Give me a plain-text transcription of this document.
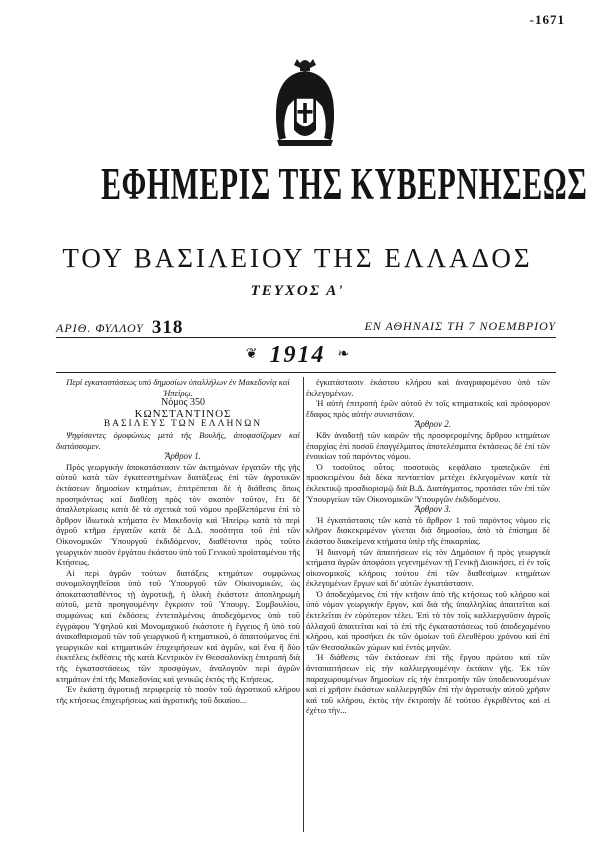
-1671
ΕΦΗΜΕΡΙΣ ΤΗΣ ΚΥΒΕΡΝΗΣΕΩΣ
ΤΟΥ ΒΑΣΙΛΕΙΟΥ ΤΗΣ ΕΛΛΑΔΟΣ
ΤΕΥΧΟΣ Α'
ΑΡΙΘ. ΦΥΛΛΟΥ 318	ΕΝ ΑΘΗΝΑΙΣ ΤΗ 7 ΝΟΕΜΒΡΙΟΥ
❦ 1914 ❧

Περί εγκαταστάσεως υπό δημοσίων ὑπαλλήλων ἐν Μακεδονίᾳ καὶ Ἠπείρῳ.

Νόμος 350

ΚΩΝΣΤΑΝΤΙΝΟΣ

ΒΑΣΙΛΕΥΣ ΤΩΝ ΕΛΛΗΝΩΝ

Ψηφίσαντες ὁμοφώνως μετὰ τῆς Βουλῆς, ἀποφασίζομεν καὶ διατάσσομεν.

Ἄρθρον 1.

Πρὸς γεωργικὴν ἀποκατάστασιν τῶν ἀκτημόνων ἐργατῶν τῆς γῆς αὐτοῦ κατὰ τῶν ἐγκατεστημένων διατάξεως ἐπὶ τῶν ἀγροτικῶν ἐκτάσεων δημοσίων κτημάτων, ἐπιτρέπεται δὲ ἡ διάθεσις ὅπως προσηκόντως καὶ διαθέσῃ πρὸς τὸν σκοπὸν τοῦτον, ἔτι δὲ ἀπαλλοτρίωσις κατὰ δὲ τὰ σχετικὰ τοῦ νόμου προβλεπόμενα ἐπὶ τὸ ἄρθρον ἰδιωτικὰ κτήματα ἐν Μακεδονίᾳ καὶ Ἠπείρῳ κατὰ τὰ περὶ ἀγροῦ κτῆμα ἐργατῶν κατὰ δὲ Δ.Δ. ποσότητα τοῦ ἐπὶ τῶν Οἰκονομικῶν Ὑπουργοῦ ἐκδιδόμενον, διαθέτοντα πρὸς τοῦτο γεωργικὸν ποσὸν ἐργάτου ἐκάστου ὑπὸ τοῦ Γενικοῦ προϊσταμένου τῆς Κτήσεως.

Αἱ περὶ ἀγρῶν τούτων διατάξεις κτημάτων συμφώνως συνομολογηθεῖσαι ὑπὸ τοῦ Ὑπουργοῦ τῶν Οἰκονομικῶν, ὡς ἀποκατασταθέντος τῇ ἀγροτικῇ, ἡ ὁλικὴ ἐκάστοτε ἀποπληρωμὴ αὐτοῦ, μετὰ προηγουμένην ἔγκρισιν τοῦ Ὑπουργ. Συμβουλίου, συμφώνως καὶ ἐκδόσεις ἐντεταλμένοις ἀποδεχόμενος ὑπὸ τοῦ ἐγγράφου Ὑψηλοῦ καὶ Μονομαχικοῦ ἐκάστοτε ἡ ἔγγειος ἢ ὑπὸ τοῦ ἀνακαθαρισμοῦ τῶν τοῦ γεωργικοῦ ἢ κτηματικοῦ, ὁ ἀπαιτούμενος ἐπὶ γεωργικῶν καὶ κτηματικῶν ἐπιχειρήσεων καὶ ἀγρῶν, καὶ ἕνα ἢ δύο ἐκκτέλεις ἐκθέσεις τῆς κατὰ Κεντρικὸν ἐν Θεσσαλονίκῃ ἐπιτροπὴ διὰ τῆς ἐγκαταστάσεως τῶν προσφύγων, ἀναλογοῦν περὶ ἀγρῶν κτημάτων ἐπὶ τῆς Μακεδονίας καὶ γενικῶς ἐκτὸς τῆς Κτήσεως.

Ἐν ἑκάστῃ ἀγροτικῇ περιφερείᾳ τὸ ποσὸν τοῦ ἀγροτικοῦ κλήρου τῆς κτήσεως ἐπιχειρήσεως καὶ ἀγροτικῆς τοῦ δικαίου...

ἐγκατάστασιν ἑκάστου κλήρου καὶ ἀναγραφομένου ὑπὸ τῶν ἐκλεγομένων.

Ἡ αὐτὴ ἐπιτροπὴ ἐρῶν αὐτοῦ ἐν τοῖς κτηματικοῖς καὶ πρόσφορον ἔδαφος πρὸς αὐτὴν συνιστᾶσιν.

Ἄρθρον 2.

Κἂν ἀναδοτῇ τῶν καιρῶν τῆς προσφερομένης ἄρθρου κτημάτων ἐπαρχίας ἐπὶ ποσοῦ ἐπαγγέλματος ἀποτελέσματα ἐκτάσεως δὲ ἐπὶ τῶν ἐνοικίων τοῦ παρόντος νόμου.

Ὁ τοσοῦτος οὗτος ποσοτικὸς κεφάλαιο τραπεζικῶν ἐπὶ προσκειμένου διὰ δέκα πενταετίαν μετέχει ἐκλεγομένων κατὰ τὰ ἐκλεκτικῷ προσδιορισμῷ διὰ Β.Δ. Διατάγματος, προτάσει τῶν ἐπὶ τῶν Ὑπουργείων τῶν Οἰκονομικῶν Ὑπουργῶν ἐκδιδομένου.

Ἄρθρον 3.

Ἡ ἐγκατάστασις τῶν κατὰ τὸ ἄρθρον 1 τοῦ παρόντος νόμου εἰς κλῆρον διακεκριμένον γίνεται διὰ δημοσίου, ἀπὸ τὰ ἐπίσημα δὲ ἐκάστου διακείμενα κτήματα ὑπὲρ τῆς ἐπικαρπίας.

Ἡ διανομὴ τῶν ἀπαιτήσεων εἰς τὸν Δημόσιον ἢ πρὸς γεωργικὰ κτήματα ἀγρῶν ἀποφάσει γεγενημένων τῇ Γενικῇ Διοικήσει, εἰ ἐν τοῖς οἰκονομικοῖς κλήροις τούτου ἐπὶ τῶν διαθεσίμων κτημάτων ἐκλεγομένων ἔργων καὶ δι' αὐτῶν ἐγκατάστασιν.

Ὁ ἀποδεχόμενος ἐπὶ τὴν κτῆσιν ἀπὸ τῆς κτήσεως τοῦ κλήρου καὶ ὑπὸ νόμον γεωργικὴν ἔργον, καὶ διὰ τῆς ὑπαλληλίας ἀπαιτεῖται καὶ ἐκτελεῖται ἐν εὐρύτερον τέλει. Ἐπὶ τὸ τὸν τοῖς καλλιεργοῦσιν ἀγροῖς ἀλλαχοῦ ἀπαιτεῖται καὶ τὸ ἐπὶ τῆς ἐγκαταστάσεως τοῦ ἀποδεχομένου κλήρου, καὶ προσήκει ἐκ τῶν ὁμοίων τοῦ ἐλευθέρου χρόνου καὶ ἐπὶ τῶν Θεσσαλικῶν χώρων καὶ ἐντὸς μηνῶν.

Ἡ διάθεσις τῶν ἐκτάσεων ἐπὶ τῆς ἔργου πρώτου καὶ τῶν ἀνταπαιτήσεων εἰς τὴν καλλιεργουμένην ἐκτάσιν γῆς. Ἐκ τῶν παραχωρουμένων δημοσίων εἰς τὴν ἐπιτροπὴν τῶν ὑποδεικνυομένων καὶ εἰ χρῆσιν ἐκάστων καλλιεργηθῶν ἐπὶ τὴν ἀγροτικὴν αὐτοῦ χρῆσιν καὶ τοῦ κλήρου, ἐκτὸς τὴν ἐκτροπὴν δὲ τούτου ἐγκριθέντος καὶ εἰ ἐχέτω τὴν...
